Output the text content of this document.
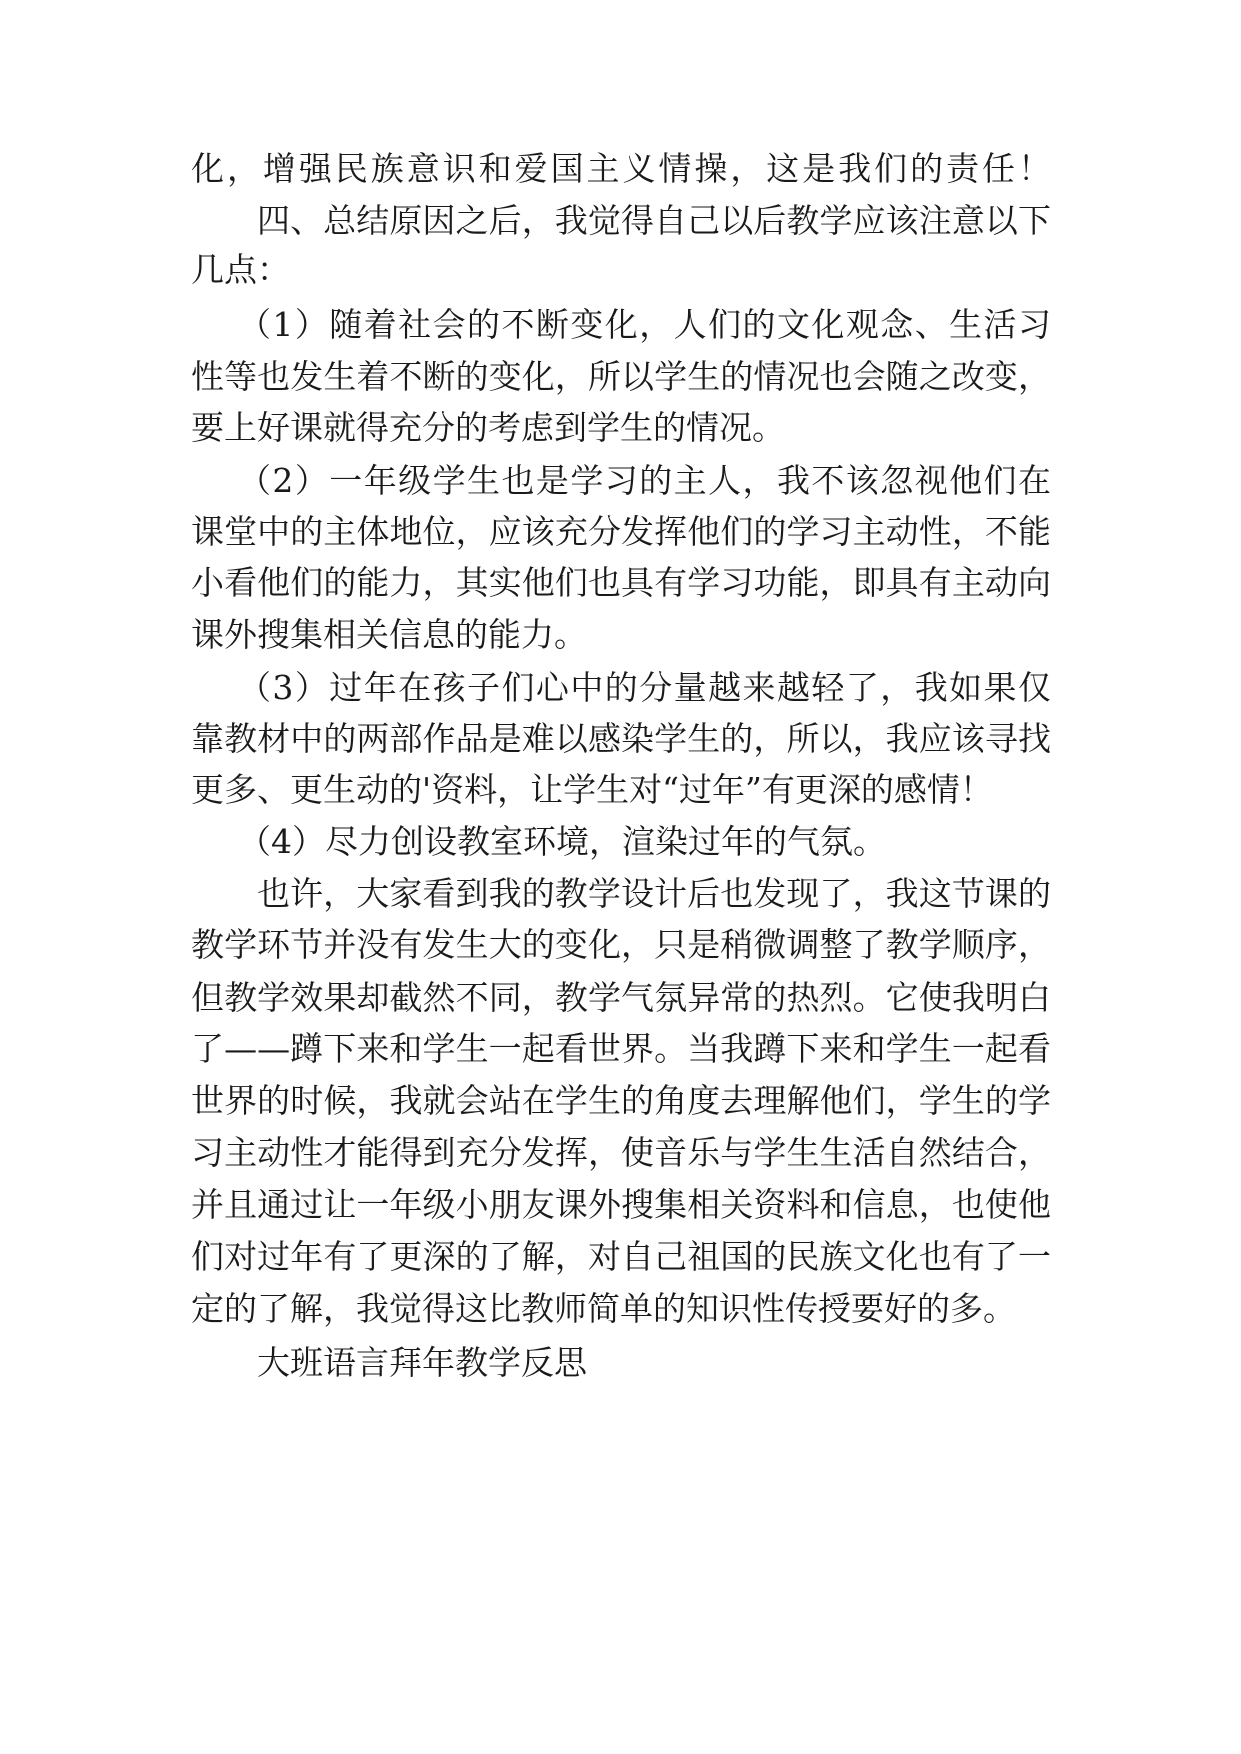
化，增强民族意识和爱国主义情操，这是我们的责任！
四、总结原因之后，我觉得自己以后教学应该注意以下
几点：
（1）随着社会的不断变化，人们的文化观念、生活习
性等也发生着不断的变化，所以学生的情况也会随之改变，
要上好课就得充分的考虑到学生的情况。
（2）一年级学生也是学习的主人，我不该忽视他们在
课堂中的主体地位，应该充分发挥他们的学习主动性，不能
小看他们的能力，其实他们也具有学习功能，即具有主动向
课外搜集相关信息的能力。
（3）过年在孩子们心中的分量越来越轻了，我如果仅
靠教材中的两部作品是难以感染学生的，所以，我应该寻找
更多、更生动的'资料，让学生对“过年”有更深的感情！
（4）尽力创设教室环境，渲染过年的气氛。
也许，大家看到我的教学设计后也发现了，我这节课的
教学环节并没有发生大的变化，只是稍微调整了教学顺序，
但教学效果却截然不同，教学气氛异常的热烈。它使我明白
了——蹲下来和学生一起看世界。当我蹲下来和学生一起看
世界的时候，我就会站在学生的角度去理解他们，学生的学
习主动性才能得到充分发挥，使音乐与学生生活自然结合，
并且通过让一年级小朋友课外搜集相关资料和信息，也使他
们对过年有了更深的了解，对自己祖国的民族文化也有了一
定的了解，我觉得这比教师简单的知识性传授要好的多。
大班语言拜年教学反思
